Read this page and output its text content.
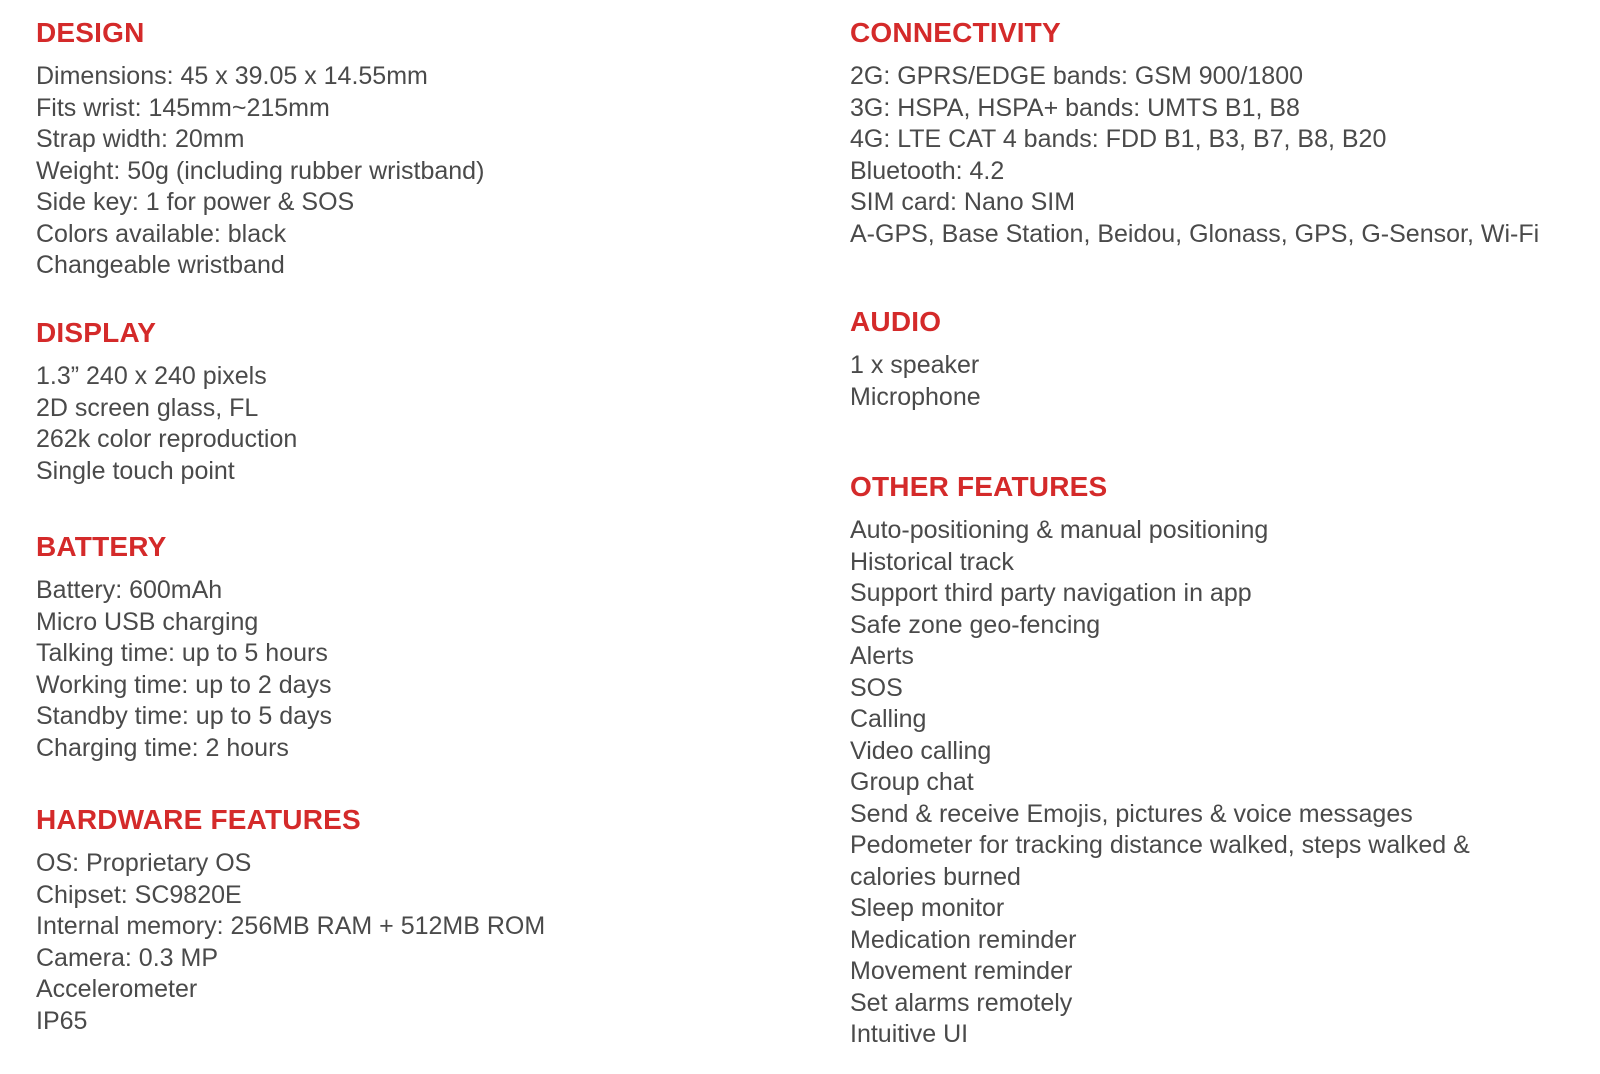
DESIGN
Dimensions: 45 x 39.05 x 14.55mm
Fits wrist: 145mm~215mm
Strap width: 20mm
Weight: 50g (including rubber wristband)
Side key: 1 for power & SOS
Colors available: black
Changeable wristband
DISPLAY
1.3” 240 x 240 pixels
2D screen glass, FL
262k color reproduction
Single touch point
BATTERY
Battery: 600mAh
Micro USB charging
Talking time: up to 5 hours
Working time: up to 2 days
Standby time: up to 5 days
Charging time: 2 hours
HARDWARE FEATURES
OS: Proprietary OS
Chipset: SC9820E
Internal memory: 256MB RAM + 512MB ROM
Camera: 0.3 MP
Accelerometer
IP65
CONNECTIVITY
2G: GPRS/EDGE bands: GSM 900/1800
3G: HSPA, HSPA+ bands: UMTS B1, B8
4G: LTE CAT 4 bands: FDD B1, B3, B7, B8, B20
Bluetooth: 4.2
SIM card: Nano SIM
A-GPS, Base Station, Beidou, Glonass, GPS, G-Sensor, Wi-Fi
AUDIO
1 x speaker
Microphone
OTHER FEATURES
Auto-positioning & manual positioning
Historical track
Support third party navigation in app
Safe zone geo-fencing
Alerts
SOS
Calling
Video calling
Group chat
Send & receive Emojis, pictures & voice messages
Pedometer for tracking distance walked, steps walked &
calories burned
Sleep monitor
Medication reminder
Movement reminder
Set alarms remotely
Intuitive UI
